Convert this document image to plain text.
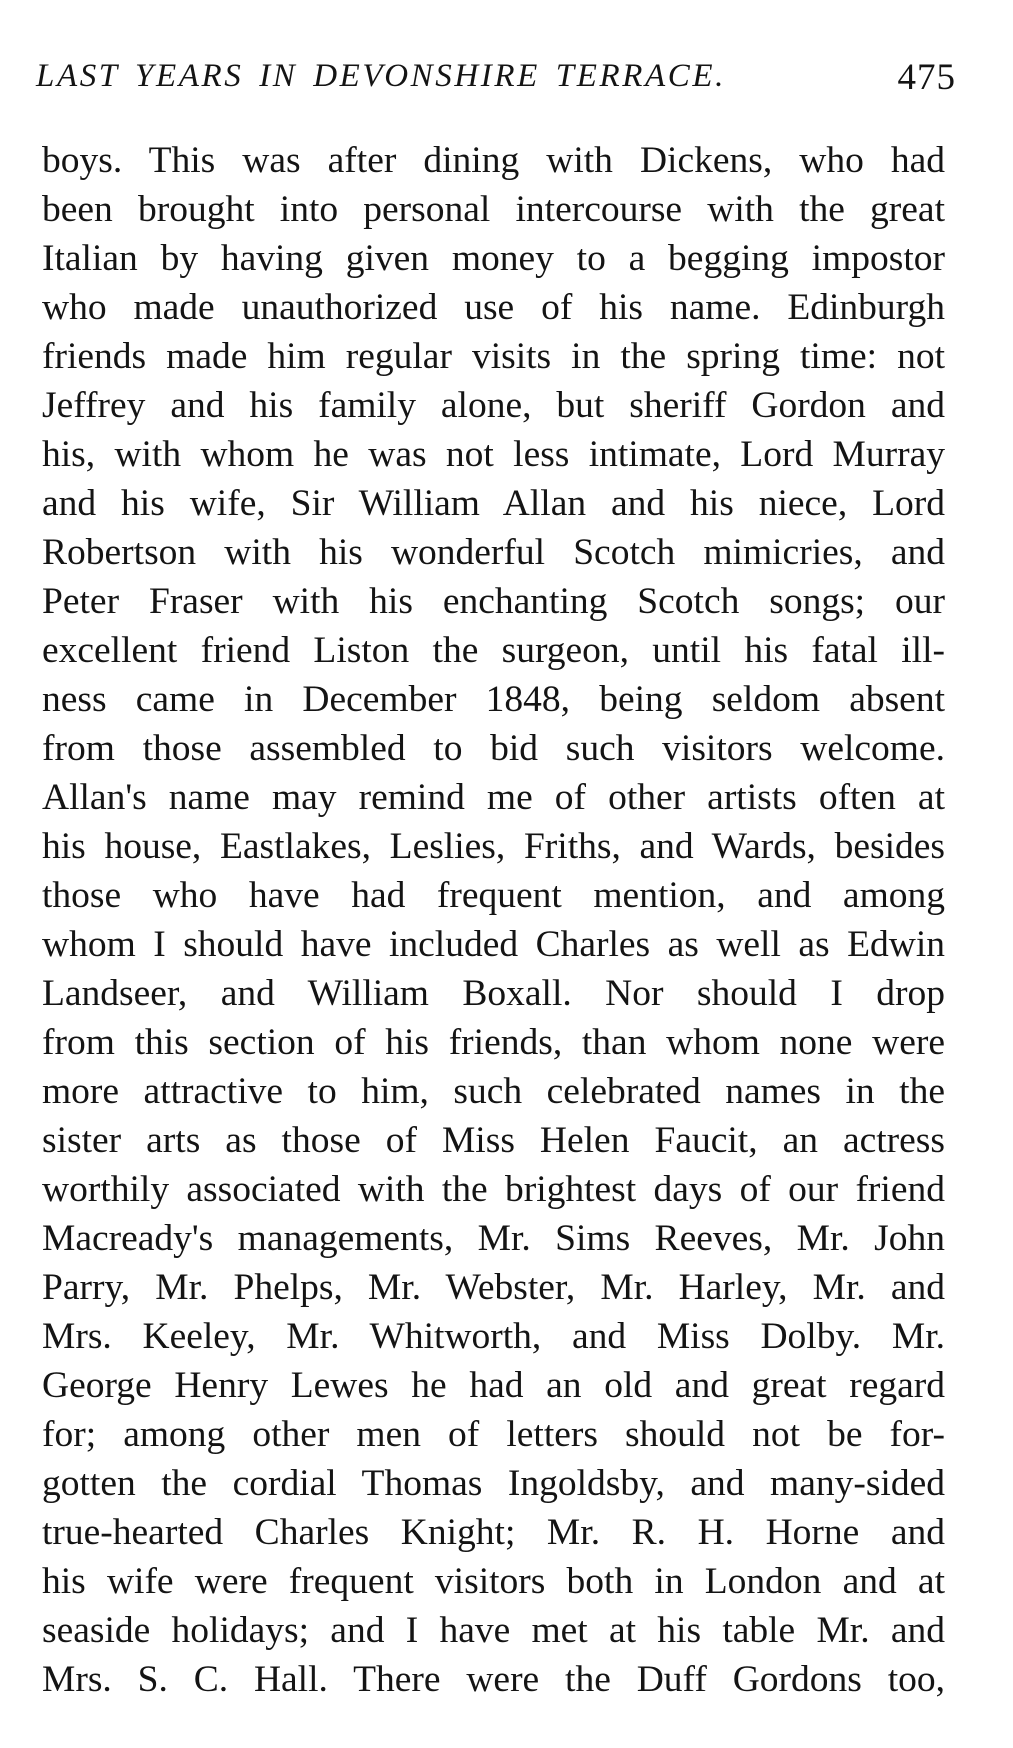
LAST YEARS IN DEVONSHIRE TERRACE.	475
boys. This was after dining with Dickens, who had
been brought into personal intercourse with the great
Italian by having given money to a begging impostor
who made unauthorized use of his name. Edinburgh
friends made him regular visits in the spring time: not
Jeffrey and his family alone, but sheriff Gordon and
his, with whom he was not less intimate, Lord Murray
and his wife, Sir William Allan and his niece, Lord
Robertson with his wonderful Scotch mimicries, and
Peter Fraser with his enchanting Scotch songs; our
excellent friend Liston the surgeon, until his fatal ill-
ness came in December 1848, being seldom absent
from those assembled to bid such visitors welcome.
Allan's name may remind me of other artists often at
his house, Eastlakes, Leslies, Friths, and Wards, besides
those who have had frequent mention, and among
whom I should have included Charles as well as Edwin
Landseer, and William Boxall. Nor should I drop
from this section of his friends, than whom none were
more attractive to him, such celebrated names in the
sister arts as those of Miss Helen Faucit, an actress
worthily associated with the brightest days of our friend
Macready's managements, Mr. Sims Reeves, Mr. John
Parry, Mr. Phelps, Mr. Webster, Mr. Harley, Mr. and
Mrs. Keeley, Mr. Whitworth, and Miss Dolby. Mr.
George Henry Lewes he had an old and great regard
for; among other men of letters should not be for-
gotten the cordial Thomas Ingoldsby, and many-sided
true-hearted Charles Knight; Mr. R. H. Horne and
his wife were frequent visitors both in London and at
seaside holidays; and I have met at his table Mr. and
Mrs. S. C. Hall. There were the Duff Gordons too,
